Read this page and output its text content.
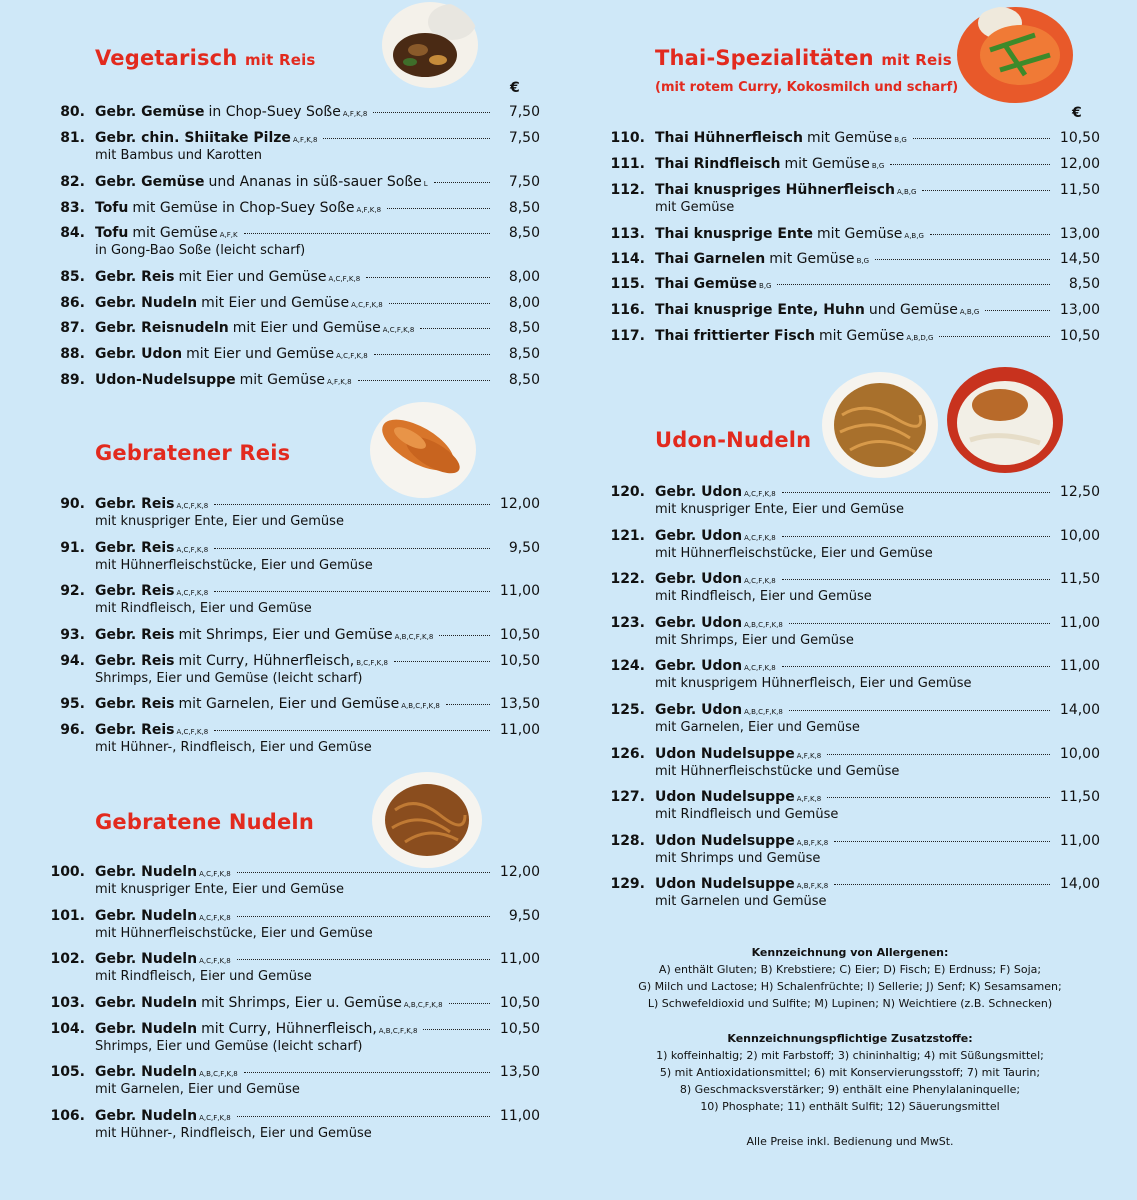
Vegetarisch mit Reis
€
80. Gebr. Gemüse in Chop-Suey Soße A,F,K,8	7,50
81. Gebr. chin. Shiitake Pilze A,F,K,8	7,50
mit Bambus und Karotten
82. Gebr. Gemüse und Ananas in süß-sauer Soße L	7,50
83. Tofu mit Gemüse in Chop-Suey Soße A,F,K,8	8,50
84. Tofu mit Gemüse A,F,K	8,50
in Gong-Bao Soße (leicht scharf)
85. Gebr. Reis mit Eier und Gemüse A,C,F,K,8	8,00
86. Gebr. Nudeln mit Eier und Gemüse A,C,F,K,8	8,00
87. Gebr. Reisnudeln mit Eier und Gemüse A,C,F,K,8	8,50
88. Gebr. Udon mit Eier und Gemüse A,C,F,K,8	8,50
89. Udon-Nudelsuppe mit Gemüse A,F,K,8	8,50
Gebratener Reis
90. Gebr. Reis A,C,F,K,8	12,00
mit knuspriger Ente, Eier und Gemüse
91. Gebr. Reis A,C,F,K,8	9,50
mit Hühnerfleischstücke, Eier und Gemüse
92. Gebr. Reis A,C,F,K,8	11,00
mit Rindfleisch, Eier und Gemüse
93. Gebr. Reis mit Shrimps, Eier und Gemüse A,B,C,F,K,8	10,50
94. Gebr. Reis mit Curry, Hühnerfleisch, B,C,F,K,8	10,50
Shrimps, Eier und Gemüse (leicht scharf)
95. Gebr. Reis mit Garnelen, Eier und Gemüse A,B,C,F,K,8	13,50
96. Gebr. Reis A,C,F,K,8	11,00
mit Hühner-, Rindfleisch, Eier und Gemüse
Gebratene Nudeln
100. Gebr. Nudeln A,C,F,K,8	12,00
mit knuspriger Ente, Eier und Gemüse
101. Gebr. Nudeln A,C,F,K,8	9,50
mit Hühnerfleischstücke, Eier und Gemüse
102. Gebr. Nudeln A,C,F,K,8	11,00
mit Rindfleisch, Eier und Gemüse
103. Gebr. Nudeln mit Shrimps, Eier u. Gemüse A,B,C,F,K,8	10,50
104. Gebr. Nudeln mit Curry, Hühnerfleisch, A,B,C,F,K,8	10,50
Shrimps, Eier und Gemüse (leicht scharf)
105. Gebr. Nudeln A,B,C,F,K,8	13,50
mit Garnelen, Eier und Gemüse
106. Gebr. Nudeln A,C,F,K,8	11,00
mit Hühner-, Rindfleisch, Eier und Gemüse
Thai-Spezialitäten mit Reis
(mit rotem Curry, Kokosmilch und scharf)
€
110. Thai Hühnerfleisch mit Gemüse B,G	10,50
111. Thai Rindfleisch mit Gemüse B,G	12,00
112. Thai knuspriges Hühnerfleisch A,B,G	11,50
mit Gemüse
113. Thai knusprige Ente mit Gemüse A,B,G	13,00
114. Thai Garnelen mit Gemüse B,G	14,50
115. Thai Gemüse B,G	8,50
116. Thai knusprige Ente, Huhn und Gemüse A,B,G	13,00
117. Thai frittierter Fisch mit Gemüse A,B,D,G	10,50
Udon-Nudeln
120. Gebr. Udon A,C,F,K,8	12,50
mit knuspriger Ente, Eier und Gemüse
121. Gebr. Udon A,C,F,K,8	10,00
mit Hühnerfleischstücke, Eier und Gemüse
122. Gebr. Udon A,C,F,K,8	11,50
mit Rindfleisch, Eier und Gemüse
123. Gebr. Udon A,B,C,F,K,8	11,00
mit Shrimps, Eier und Gemüse
124. Gebr. Udon A,C,F,K,8	11,00
mit knusprigem Hühnerfleisch, Eier und Gemüse
125. Gebr. Udon A,B,C,F,K,8	14,00
mit Garnelen, Eier und Gemüse
126. Udon Nudelsuppe A,F,K,8	10,00
mit Hühnerfleischstücke und Gemüse
127. Udon Nudelsuppe A,F,K,8	11,50
mit Rindfleisch und Gemüse
128. Udon Nudelsuppe A,B,F,K,8	11,00
mit Shrimps und Gemüse
129. Udon Nudelsuppe A,B,F,K,8	14,00
mit Garnelen und Gemüse
Kennzeichnung von Allergenen:
A) enthält Gluten; B) Krebstiere; C) Eier; D) Fisch; E) Erdnuss; F) Soja;
G) Milch und Lactose; H) Schalenfrüchte; I) Sellerie; J) Senf; K) Sesamsamen;
L) Schwefeldioxid und Sulfite; M) Lupinen; N) Weichtiere (z.B. Schnecken)
Kennzeichnungspflichtige Zusatzstoffe:
1) koffeinhaltig; 2) mit Farbstoff; 3) chininhaltig; 4) mit Süßungsmittel;
5) mit Antioxidationsmittel; 6) mit Konservierungsstoff; 7) mit Taurin;
8) Geschmacksverstärker; 9) enthält eine Phenylalaninquelle;
10) Phosphate; 11) enthält Sulfit; 12) Säuerungsmittel
Alle Preise inkl. Bedienung und MwSt.
